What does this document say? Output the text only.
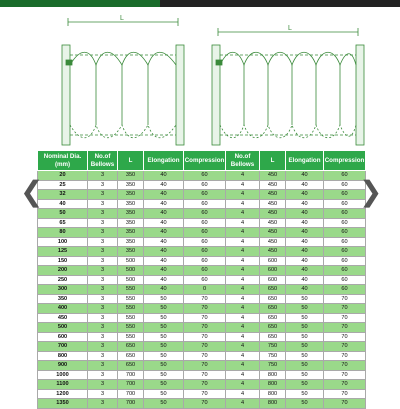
L
L
Nominal Dia. (mm)	No.of Bellows	L	Elongation	Compression	No.of Bellows	L	Elongation	Compression
20	3	350	40	60	4	450	40	60
25	3	350	40	60	4	450	40	60
32	3	350	40	60	4	450	40	60
40	3	350	40	60	4	450	40	60
50	3	350	40	60	4	450	40	60
65	3	350	40	60	4	450	40	60
80	3	350	40	60	4	450	40	60
100	3	350	40	60	4	450	40	60
125	3	350	40	60	4	450	40	60
150	3	500	40	60	4	600	40	60
200	3	500	40	60	4	600	40	60
250	3	500	40	60	4	600	40	60
300	3	550	40	0	4	650	40	60
350	3	550	50	70	4	650	50	70
400	3	550	50	70	4	650	50	70
450	3	550	50	70	4	650	50	70
500	3	550	50	70	4	650	50	70
600	3	550	50	70	4	650	50	70
700	3	650	50	70	4	750	50	70
800	3	650	50	70	4	750	50	70
900	3	650	50	70	4	750	50	70
1000	3	700	50	70	4	800	50	70
1100	3	700	50	70	4	800	50	70
1200	3	700	50	70	4	800	50	70
1350	3	700	50	70	4	800	50	70
❮	❯
